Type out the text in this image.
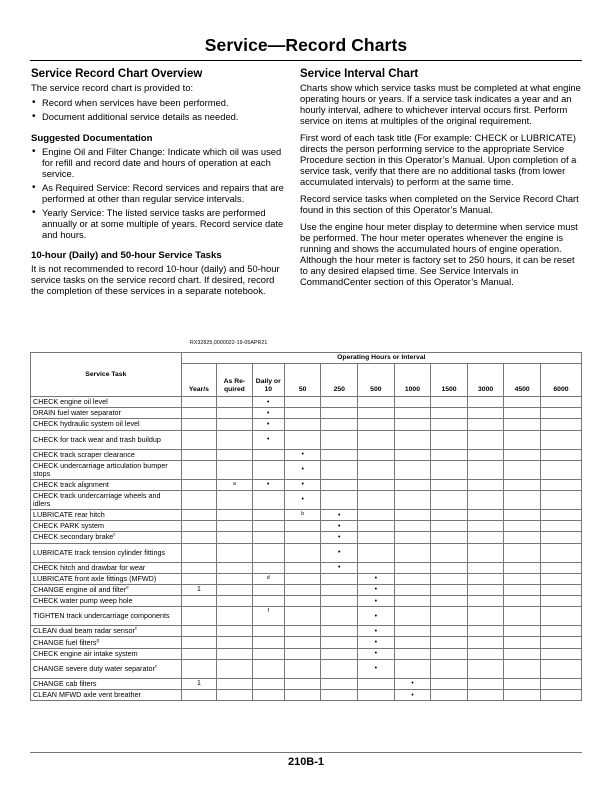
Service—Record Charts
Service Record Chart Overview

The service record chart is provided to:

• Record when services have been performed.
• Document additional service details as needed.
Suggested Documentation
• Engine Oil and Filter Change: Indicate which oil was used for refill and record date and hours of operation at each service.
• As Required Service: Record services and repairs that are performed at other than regular service intervals.
• Yearly Service: The listed service tasks are performed annually or at some multiple of years. Record service date and hours.
10-hour (Daily) and 50-hour Service Tasks

It is not recommended to record 10-hour (daily) and 50-hour service tasks on the service record chart. If desired, record the completion of these services in a separate notebook.

Service Interval Chart

Charts show which service tasks must be completed at what engine operating hours or years. If a service task indicates a year and an hourly interval, adhere to whichever interval occurs first. Perform service on items at multiples of the original requirement.

First word of each task title (For example: CHECK or LUBRICATE) directs the person performing service to the appropriate Service Procedure section in this Operator’s Manual. Upon completion of a service task, verify that there are no additional tasks (from lower accumulated intervals) to perform at the same time.

Record service tasks when completed on the Service Record Chart found in this section of this Operator’s Manual.

Use the engine hour meter display to determine when service must be performed. The hour meter operates whenever the engine is running and shows the accumulated hours of engine operation. Although the hour meter is factory set to 250 hours, it can be reset to any desired elapsed time. See Service Intervals in CommandCenter section of this Operator’s Manual.

RX32825,0000022-19-05APR21
Service Task	Operating Hours or Interval										
	Year/s	As Re- quired	Daily or 10	50	250	500	1000	1500	3000	4500	6000
CHECK engine oil level			•								
DRAIN fuel water separator			•								
CHECK hydraulic system oil level			•								
CHECK for track wear and trash buildup			•								
CHECK track scraper clearance				•							
CHECK undercarriage articulation bumper stops				•							
CHECK track alignment		a	•	•							
CHECK track undercarriage wheels and idlers				•							
LUBRICATE rear hitch				b	•						
CHECK PARK system					•						
CHECK secondary brake$^c$					•						
LUBRICATE track tension cylinder fittings					•						
CHECK hitch and drawbar for wear					•						
LUBRICATE front axle fittings (MFWD)			d			•					
CHANGE engine oil and filter$^e$	1					•					
CHECK water pump weep hole						•					
TIGHTEN track undercarriage components			f			•					
CLEAN dual beam radar sensor$^c$						•					
CHANGE fuel filters$^g$						•					
CHECK engine air intake system						•					
CHANGE severe duty water separator$^c$						•					
CHANGE cab filters	1						•				
CLEAN MFWD axle vent breather							•				
210B-1
